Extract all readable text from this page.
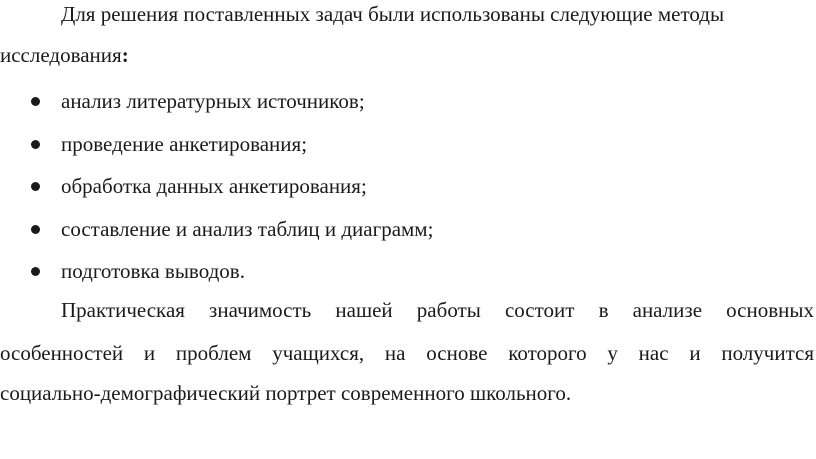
Для решения поставленных задач были использованы следующие методы
исследования:
анализ литературных источников;
проведение анкетирования;
обработка данных анкетирования;
составление и анализ таблиц и диаграмм;
подготовка выводов.
Практическая значимость нашей работы состоит в анализе основных
особенностей и проблем учащихся, на основе которого у нас и получится
социально-демографический портрет современного школьного.
